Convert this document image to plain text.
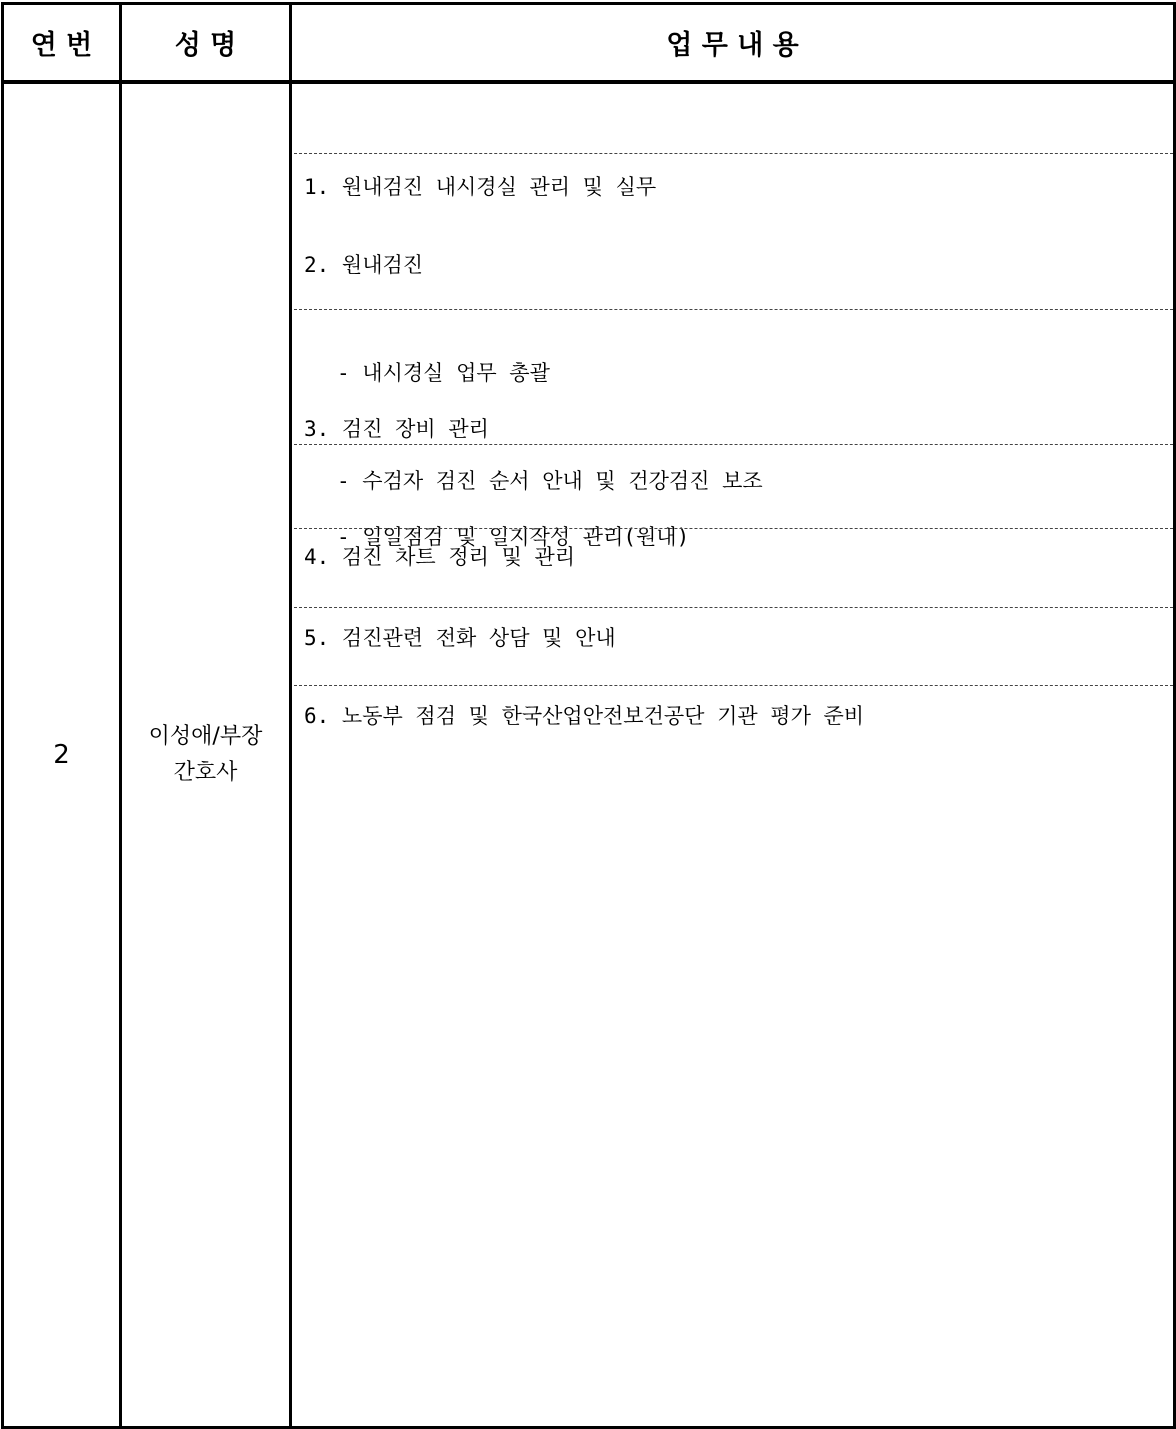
연 번	성 명	업 무 내 용
2
이성애/부장
간호사

1. 원내검진 내시경실 관리 및 실무

2. 원내검진

- 내시경실 업무 총괄

- 수검자 검진 순서 안내 및 건강검진 보조

3. 검진 장비 관리

- 일일점검 및 일지작성 관리(원내)

4. 검진 차트 정리 및 관리

5. 검진관련 전화 상담 및 안내

6. 노동부 점검 및 한국산업안전보건공단 기관 평가 준비
